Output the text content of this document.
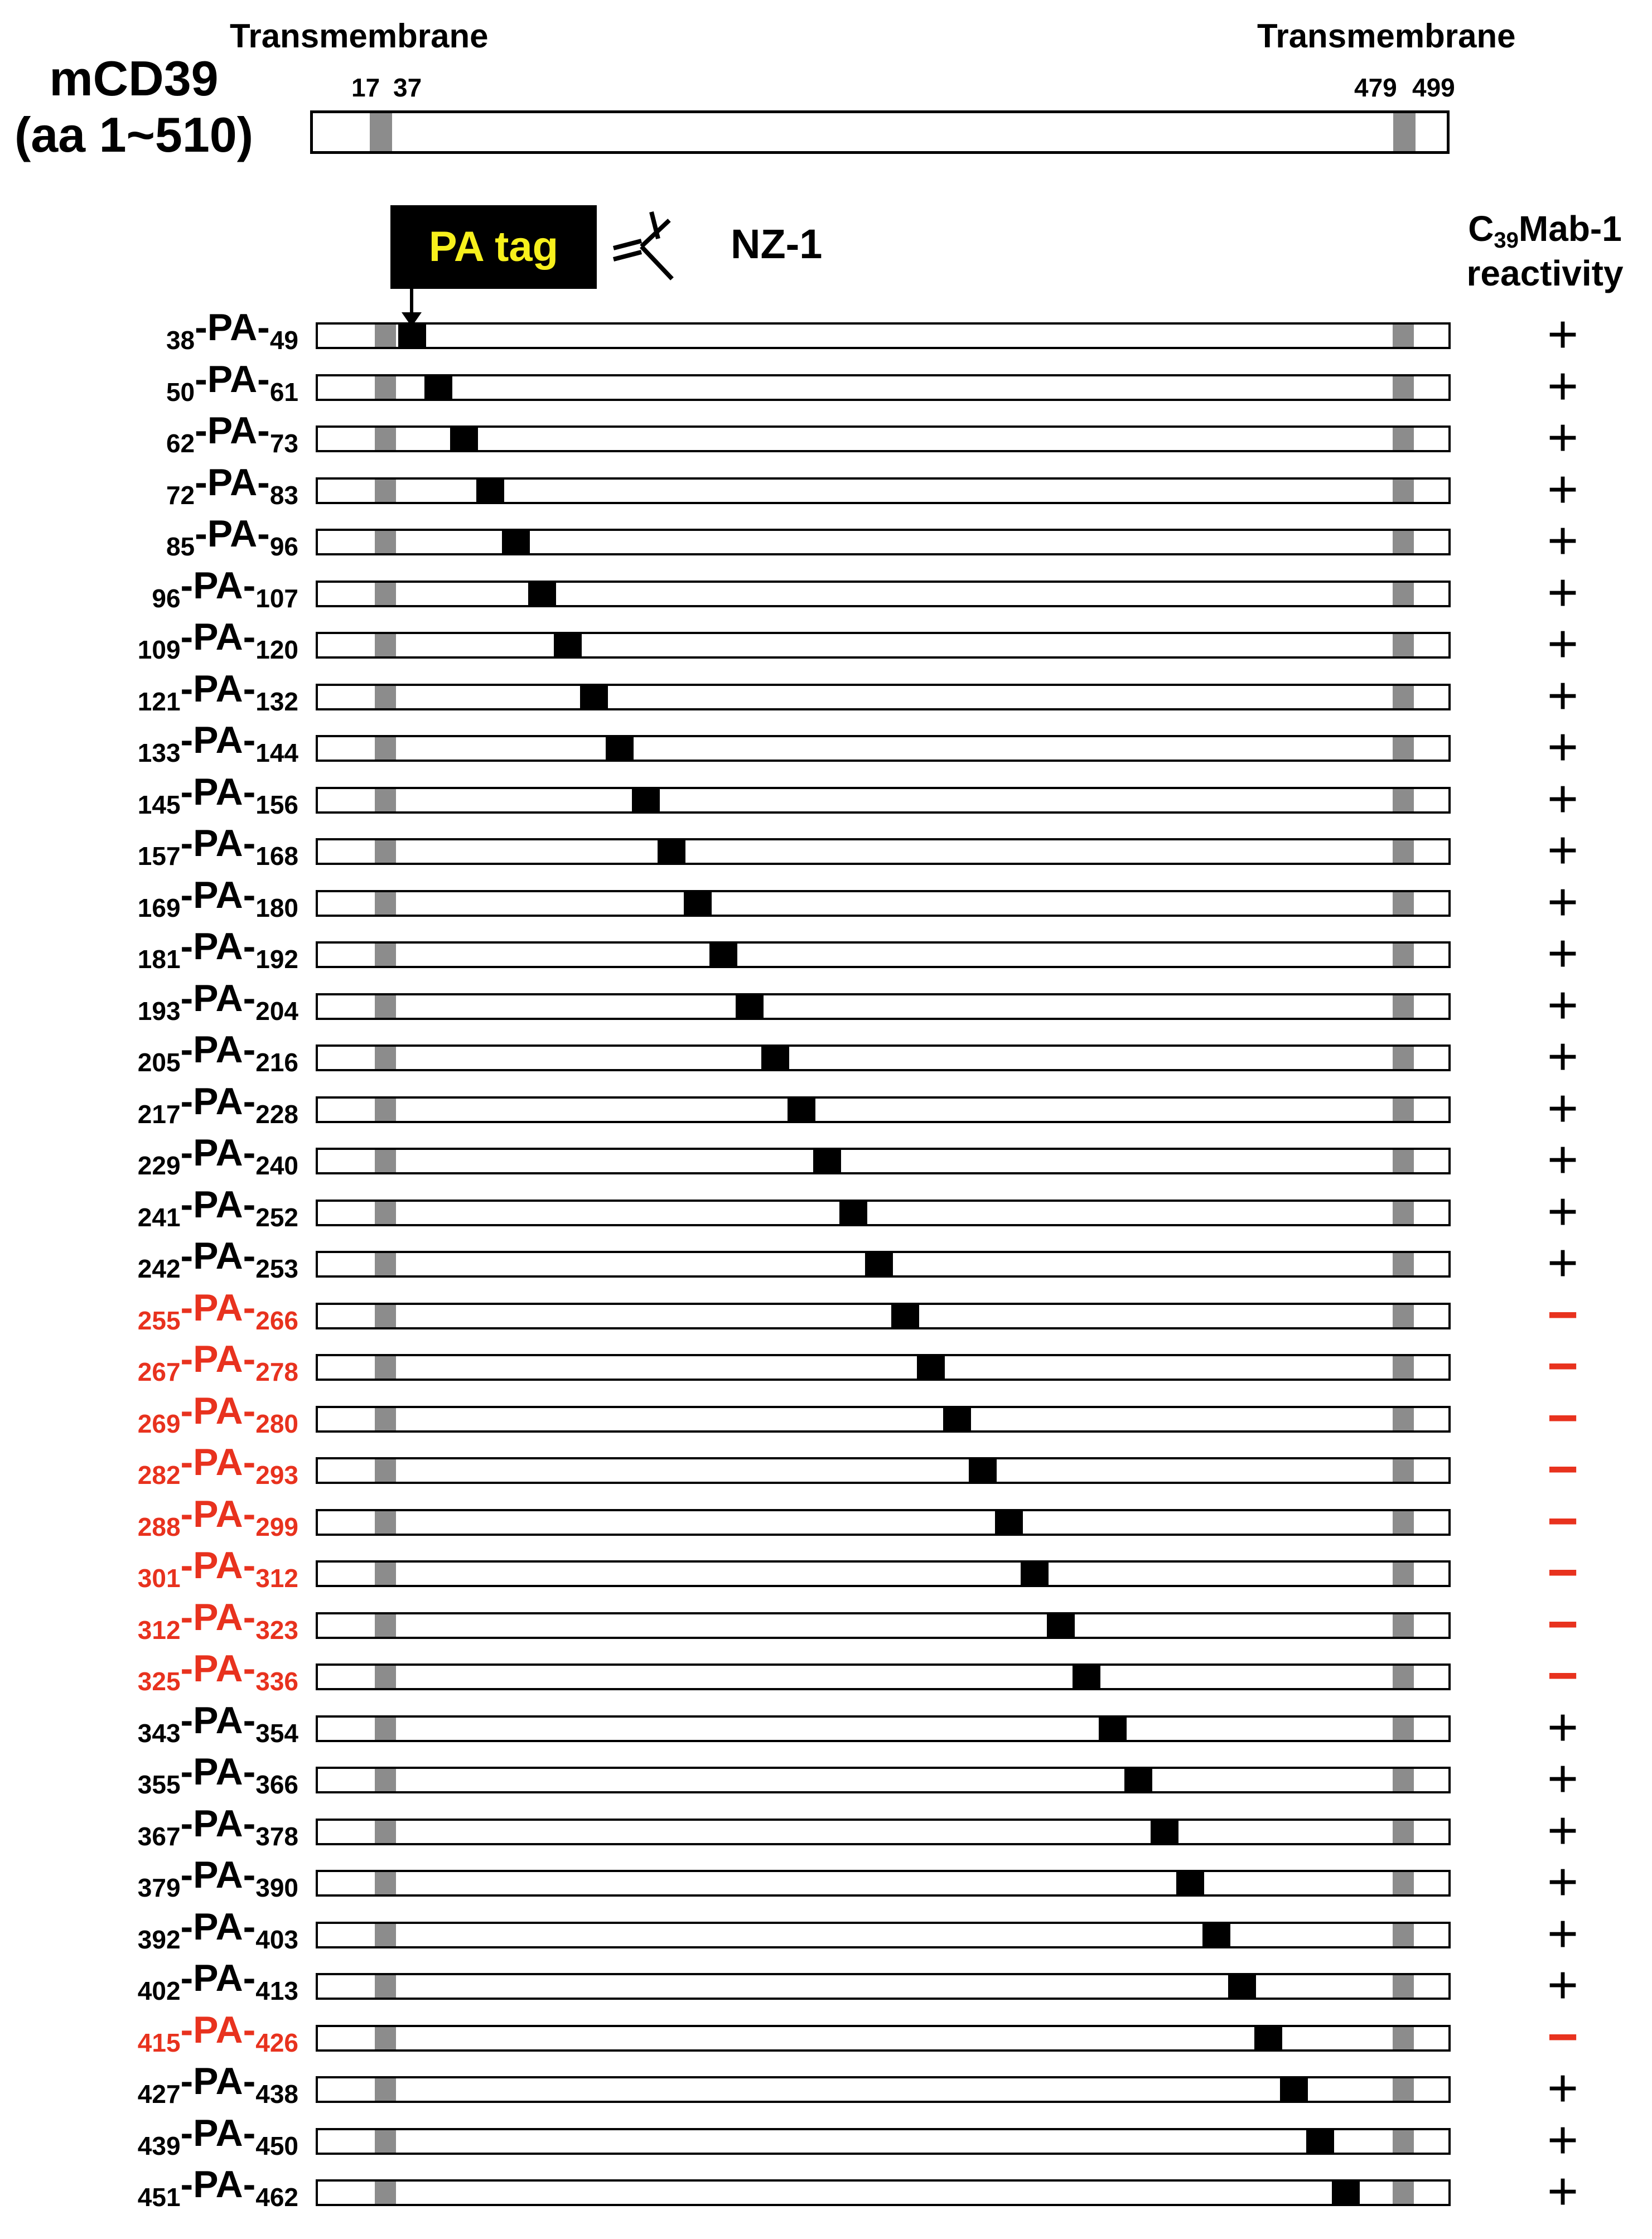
Transmembrane	Transmembrane
mCD39
(aa 1~510)
17 37	479 499
PA tag	NZ-1	C39Mab-1
reactivity
38-PA-49	+
50-PA-61	+
62-PA-73	+
72-PA-83	+
85-PA-96	+
96-PA-107	+
109-PA-120	+
121-PA-132	+
133-PA-144	+
145-PA-156	+
157-PA-168	+
169-PA-180	+
181-PA-192	+
193-PA-204	+
205-PA-216	+
217-PA-228	+
229-PA-240	+
241-PA-252	+
242-PA-253	+
255-PA-266	−
267-PA-278	−
269-PA-280	−
282-PA-293	−
288-PA-299	−
301-PA-312	−
312-PA-323	−
325-PA-336	−
343-PA-354	+
355-PA-366	+
367-PA-378	+
379-PA-390	+
392-PA-403	+
402-PA-413	+
415-PA-426	−
427-PA-438	+
439-PA-450	+
451-PA-462	+
